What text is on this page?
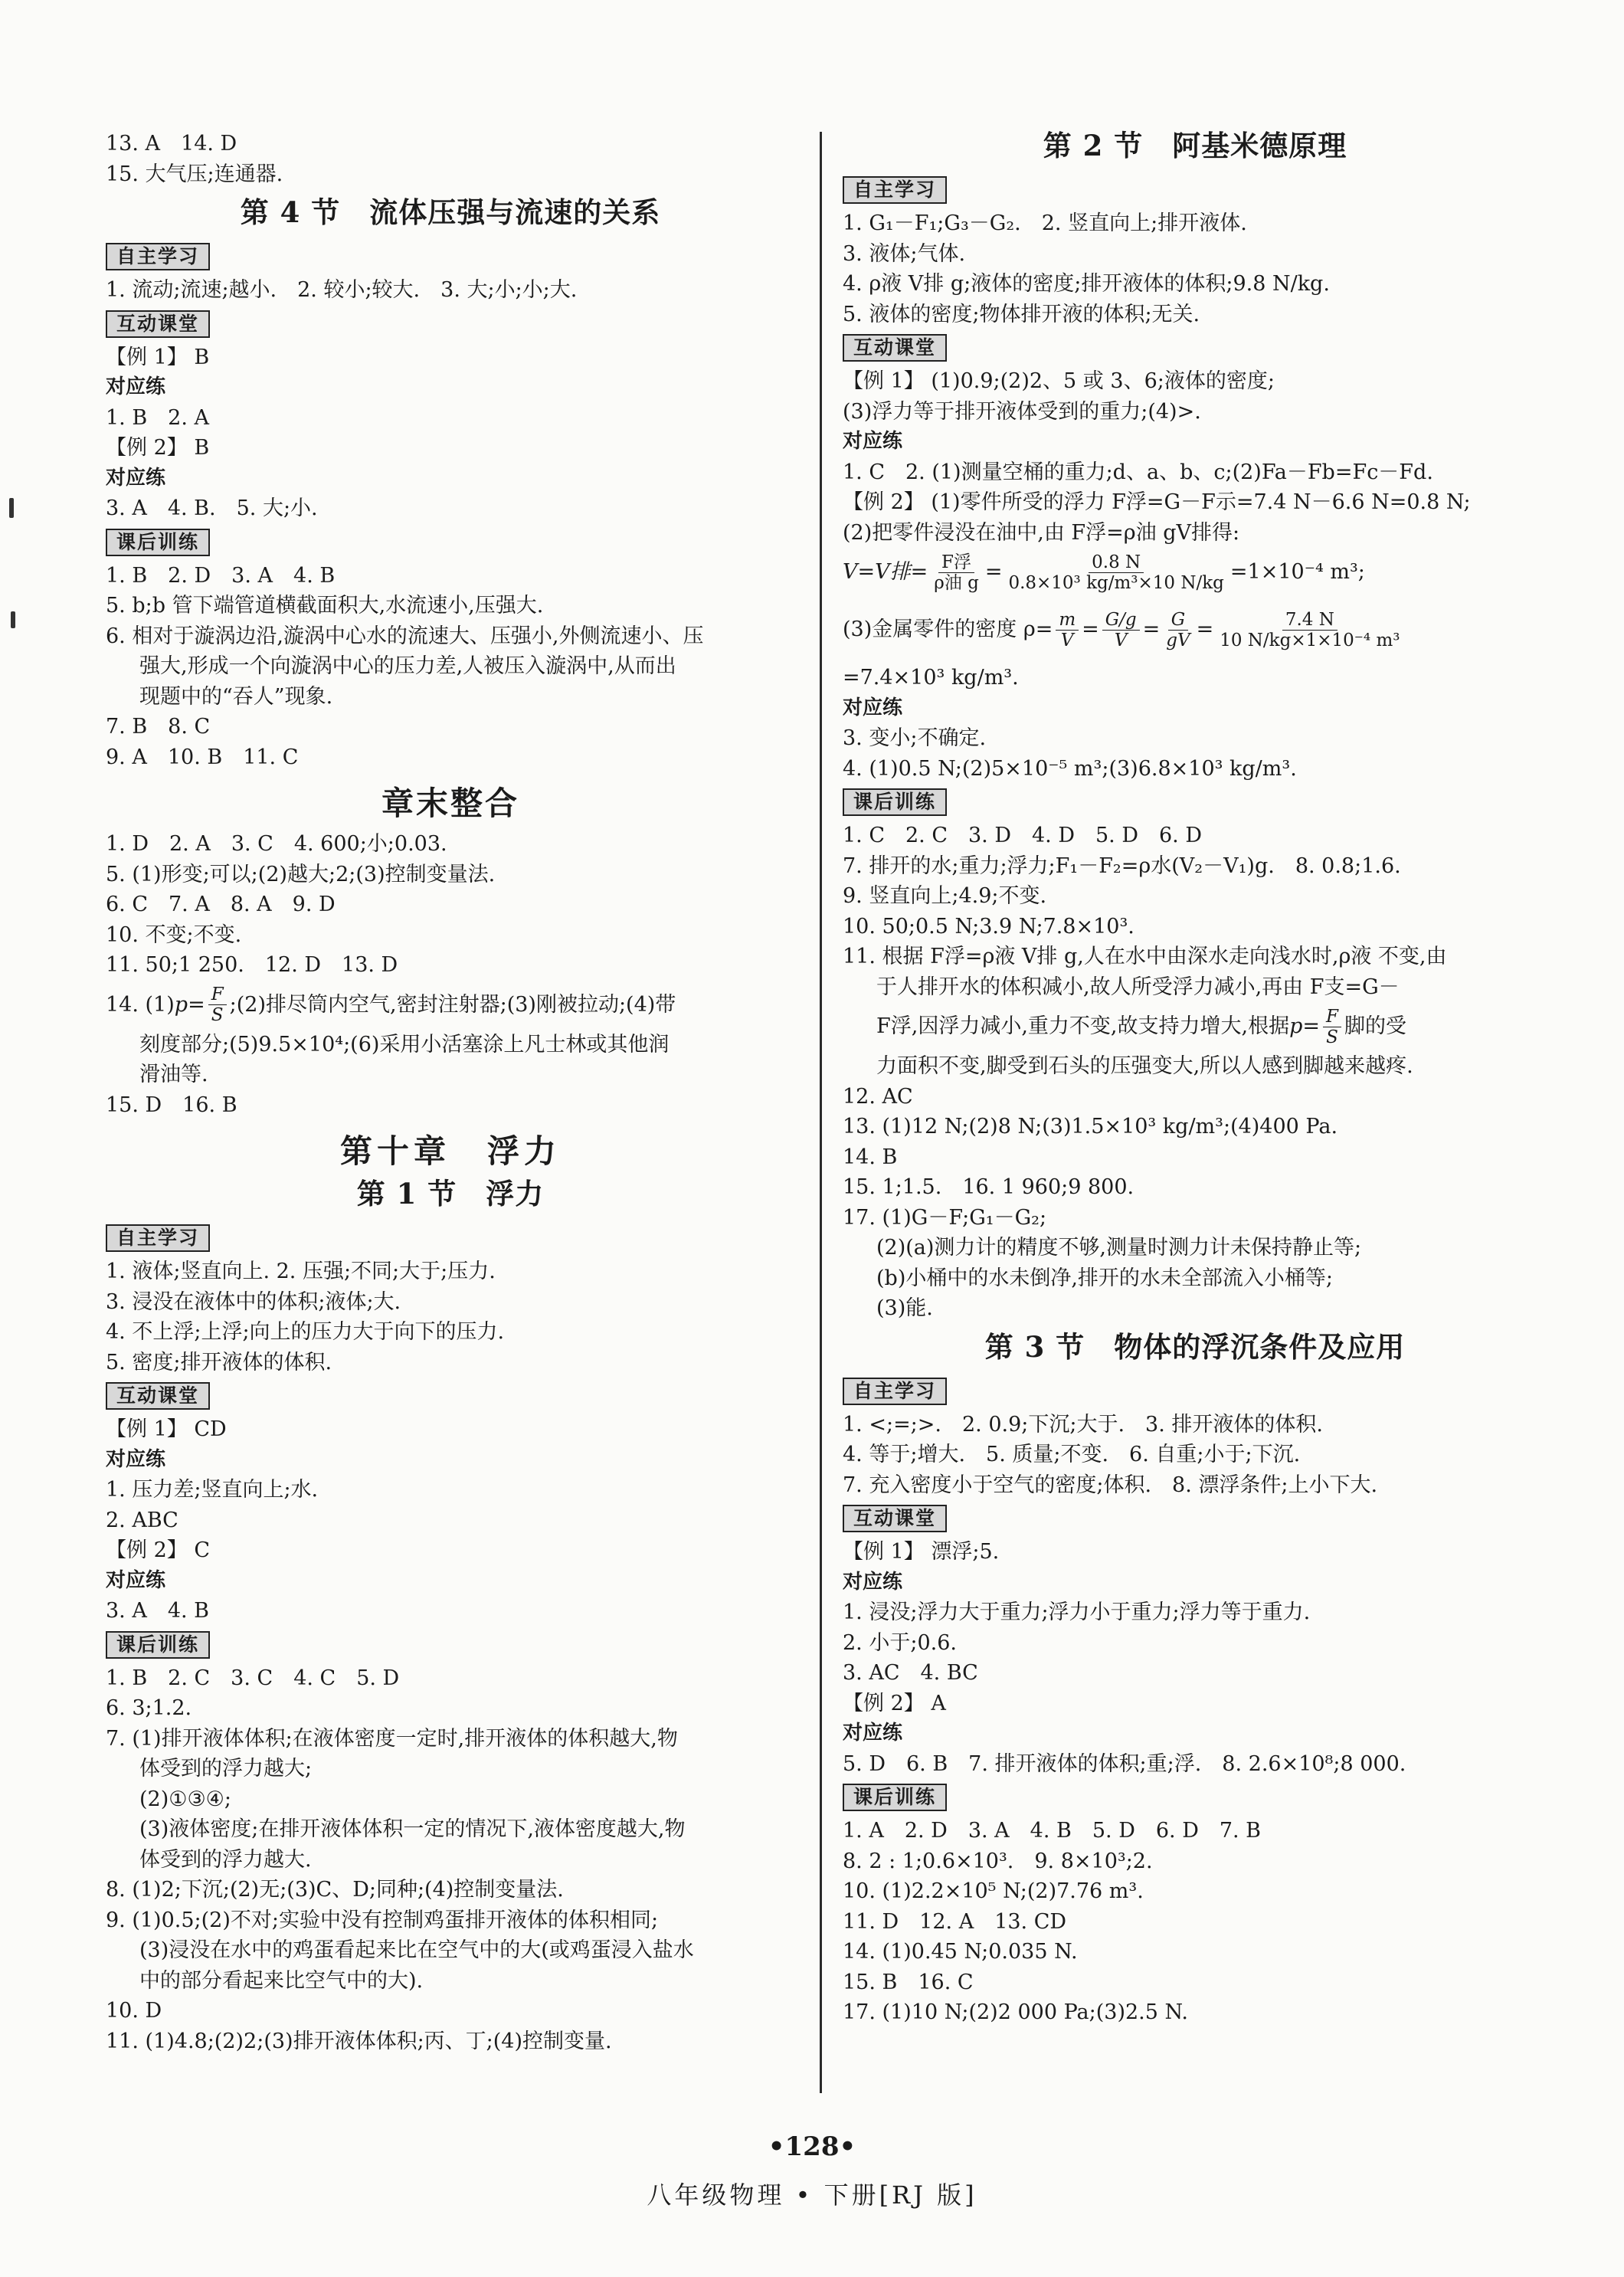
13. A　14. D
15. 大气压;连通器.
第 4 节　流体压强与流速的关系
自主学习
1. 流动;流速;越小.　2. 较小;较大.　3. 大;小;小;大.
互动课堂
【例 1】 B
对应练
1. B　2. A
【例 2】 B
对应练
3. A　4. B.　5. 大;小.
课后训练
1. B　2. D　3. A　4. B
5. b;b 管下端管道横截面积大,水流速小,压强大.
6. 相对于漩涡边沿,漩涡中心水的流速大、压强小,外侧流速小、压
强大,形成一个向漩涡中心的压力差,人被压入漩涡中,从而出
现题中的“吞人”现象.
7. B　8. C
9. A　10. B　11. C
章末整合
1. D　2. A　3. C　4. 600;小;0.03.
5. (1)形变;可以;(2)越大;2;(3)控制变量法.
6. C　7. A　8. A　9. D
10. 不变;不变.
11. 50;1 250.　12. D　13. D
14. (1) $p= \frac{F}{S}$ ;(2)排尽筒内空气,密封注射器;(3)刚被拉动;(4)带
刻度部分;(5)9.5×10⁴;(6)采用小活塞涂上凡士林或其他润
滑油等.
15. D　16. B
第十章　浮力
第 1 节　浮力
自主学习
1. 液体;竖直向上. 2. 压强;不同;大于;压力.
3. 浸没在液体中的体积;液体;大.
4. 不上浮;上浮;向上的压力大于向下的压力.
5. 密度;排开液体的体积.
互动课堂
【例 1】 CD
对应练
1. 压力差;竖直向上;水.
2. ABC
【例 2】 C
对应练
3. A　4. B
课后训练
1. B　2. C　3. C　4. C　5. D
6. 3;1.2.
7. (1)排开液体体积;在液体密度一定时,排开液体的体积越大,物
体受到的浮力越大;
(2)①③④;
(3)液体密度;在排开液体体积一定的情况下,液体密度越大,物
体受到的浮力越大.
8. (1)2;下沉;(2)无;(3)C、D;同种;(4)控制变量法.
9. (1)0.5;(2)不对;实验中没有控制鸡蛋排开液体的体积相同;
(3)浸没在水中的鸡蛋看起来比在空气中的大(或鸡蛋浸入盐水
中的部分看起来比空气中的大).
10. D
11. (1)4.8;(2)2;(3)排开液体体积;丙、丁;(4)控制变量.
第 2 节　阿基米德原理
自主学习
1. G₁－F₁;G₃－G₂.　2. 竖直向上;排开液体.
3. 液体;气体.
4. ρ液 V排 g;液体的密度;排开液体的体积;9.8 N/kg.
5. 液体的密度;物体排开液的体积;无关.
互动课堂
【例 1】 (1)0.9;(2)2、5 或 3、6;液体的密度;
(3)浮力等于排开液体受到的重力;(4)>.
对应练
1. C　2. (1)测量空桶的重力;d、a、b、c;(2)Fa－Fb=Fc－Fd.
【例 2】 (1)零件所受的浮力 F浮=G－F示=7.4 N－6.6 N=0.8 N;
(2)把零件浸没在油中,由 F浮=ρ油 gV排得:
V=V排= $\frac{\text{F浮}}{\text{ρ油 g}} = \frac{0.8 N}{\text{0.8×10³ kg/m³×10 N/kg}} =1\times 10^{-4}$ m³;
(3)金属零件的密度 $\rho= \frac{m}{V} = \frac{G/g}{V} = \frac{G}{gV} = \frac{7.4 N}{\text{10 N/kg×1×10⁻⁴ m³}}$
=7.4×10³ kg/m³.
对应练
3. 变小;不确定.
4. (1)0.5 N;(2)5×10⁻⁵ m³;(3)6.8×10³ kg/m³.
课后训练
1. C　2. C　3. D　4. D　5. D　6. D
7. 排开的水;重力;浮力;F₁－F₂=ρ水(V₂－V₁)g.　8. 0.8;1.6.
9. 竖直向上;4.9;不变.
10. 50;0.5 N;3.9 N;7.8×10³.
11. 根据 F浮=ρ液 V排 g,人在水中由深水走向浅水时,ρ液 不变,由
于人排开水的体积减小,故人所受浮力减小,再由 F支=G－
F浮,因浮力减小,重力不变,故支持力增大,根据 $p= \frac{F}{S}$ 脚的受
力面积不变,脚受到石头的压强变大,所以人感到脚越来越疼.
12. AC
13. (1)12 N;(2)8 N;(3)1.5×10³ kg/m³;(4)400 Pa.
14. B
15. 1;1.5.　16. 1 960;9 800.
17. (1)G－F;G₁－G₂;
(2)(a)测力计的精度不够,测量时测力计未保持静止等;
(b)小桶中的水未倒净,排开的水未全部流入小桶等;
(3)能.
第 3 节　物体的浮沉条件及应用
自主学习
1. <;=;>.　2. 0.9;下沉;大于.　3. 排开液体的体积.
4. 等于;增大.　5. 质量;不变.　6. 自重;小于;下沉.
7. 充入密度小于空气的密度;体积.　8. 漂浮条件;上小下大.
互动课堂
【例 1】 漂浮;5.
对应练
1. 浸没;浮力大于重力;浮力小于重力;浮力等于重力.
2. 小于;0.6.
3. AC　4. BC
【例 2】 A
对应练
5. D　6. B　7. 排开液体的体积;重;浮.　8. 2.6×10⁸;8 000.
课后训练
1. A　2. D　3. A　4. B　5. D　6. D　7. B
8. 2 : 1;0.6×10³.　9. 8×10³;2.
10. (1)2.2×10⁵ N;(2)7.76 m³.
11. D　12. A　13. CD
14. (1)0.45 N;0.035 N.
15. B　16. C
17. (1)10 N;(2)2 000 Pa;(3)2.5 N.
•128•
八年级物理 • 下册[RJ 版]
